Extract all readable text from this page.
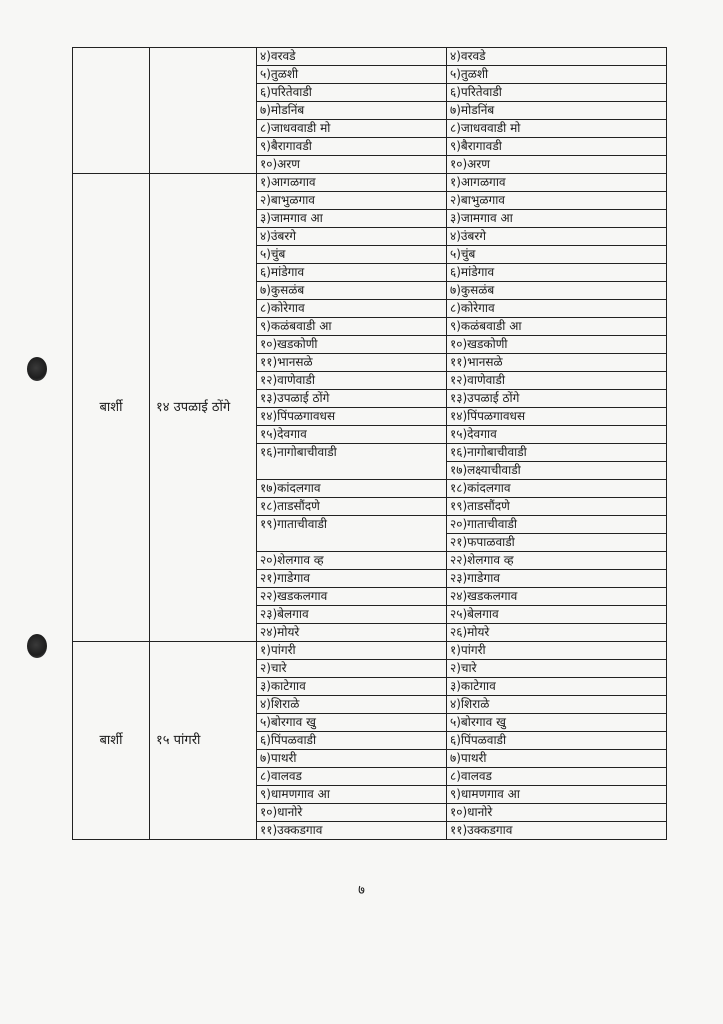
		४)वरवडे	४)वरवडे
		५)तुळशी	५)तुळशी
		६)परितेवाडी	६)परितेवाडी
		७)मोडनिंब	७)मोडनिंब
		८)जाधववाडी मो	८)जाधववाडी मो
		९)बैरागावडी	९)बैरागावडी
		१०)अरण	१०)अरण
बार्शी	१४ उपळाई ठोंगे	१)आगळगाव	१)आगळगाव
		२)बाभुळगाव	२)बाभुळगाव
		३)जामगाव आ	३)जामगाव आ
		४)उंबरगे	४)उंबरगे
		५)चुंब	५)चुंब
		६)मांडेगाव	६)मांडेगाव
		७)कुसळंब	७)कुसळंब
		८)कोरेगाव	८)कोरेगाव
		९)कळंबवाडी आ	९)कळंबवाडी आ
		१०)खडकोणी	१०)खडकोणी
		११)भानसळे	११)भानसळे
		१२)वाणेवाडी	१२)वाणेवाडी
		१३)उपळाई ठोंगे	१३)उपळाई ठोंगे
		१४)पिंपळगावधस	१४)पिंपळगावधस
		१५)देवगाव	१५)देवगाव
		१६)नागोबाचीवाडी	१६)नागोबाचीवाडी
			१७)लक्ष्याचीवाडी
		१७)कांदलगाव	१८)कांदलगाव
		१८)ताडसौंदणे	१९)ताडसौंदणे
		१९)गाताचीवाडी	२०)गाताचीवाडी
			२१)फपाळवाडी
		२०)शेलगाव व्ह	२२)शेलगाव व्ह
		२१)गाडेगाव	२३)गाडेगाव
		२२)खडकलगाव	२४)खडकलगाव
		२३)बेलगाव	२५)बेलगाव
		२४)मोयरे	२६)मोयरे
बार्शी	१५ पांगरी	१)पांगरी	१)पांगरी
		२)चारे	२)चारे
		३)काटेगाव	३)काटेगाव
		४)शिराळे	४)शिराळे
		५)बोरगाव खु	५)बोरगाव खु
		६)पिंपळवाडी	६)पिंपळवाडी
		७)पाथरी	७)पाथरी
		८)वालवड	८)वालवड
		९)धामणगाव आ	९)धामणगाव आ
		१०)धानोरे	१०)धानोरे
		११)उक्कडगाव	११)उक्कडगाव
७
